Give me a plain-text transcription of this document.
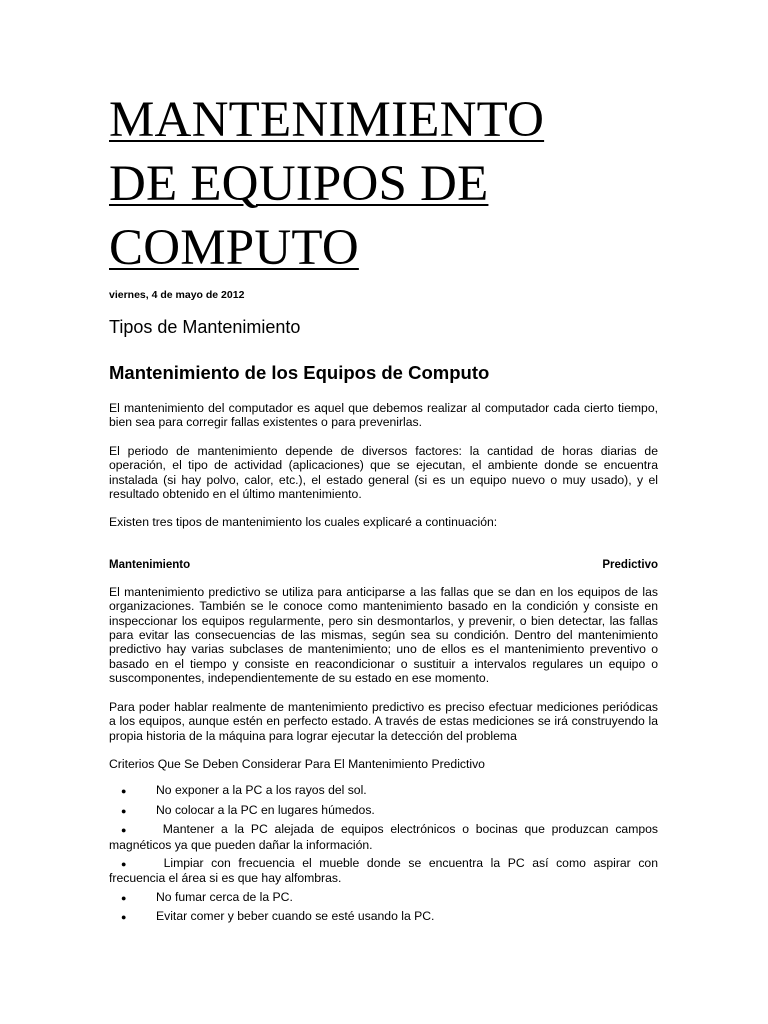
MANTENIMIENTO
DE EQUIPOS DE
COMPUTO
viernes, 4 de mayo de 2012
Tipos de Mantenimiento
Mantenimiento de los Equipos de Computo

El mantenimiento del computador es aquel que debemos realizar al computador cada cierto tiempo, bien sea para corregir fallas existentes o para prevenirlas.

El periodo de mantenimiento depende de diversos factores: la cantidad de horas diarias de operación, el tipo de actividad (aplicaciones) que se ejecutan, el ambiente donde se encuentra instalada (si hay polvo, calor, etc.), el estado general (si es un equipo nuevo o muy usado), y el resultado obtenido en el último mantenimiento.

Existen tres tipos de mantenimiento los cuales explicaré a continuación:

Mantenimiento	Predictivo

El mantenimiento predictivo se utiliza para anticiparse a las fallas que se dan en los equipos de las organizaciones. También se le conoce como mantenimiento basado en la condición y consiste en inspeccionar los equipos regularmente, pero sin desmontarlos, y prevenir, o bien detectar, las fallas para evitar las consecuencias de las mismas, según sea su condición. Dentro del mantenimiento predictivo hay varias subclases de mantenimiento; uno de ellos es el mantenimiento preventivo o basado en el tiempo y consiste en reacondicionar o sustituir a intervalos regulares un equipo o suscomponentes, independientemente de su estado en ese momento.

Para poder hablar realmente de mantenimiento predictivo es preciso efectuar mediciones periódicas a los equipos, aunque estén en perfecto estado. A través de estas mediciones se irá construyendo la propia historia de la máquina para lograr ejecutar la detección del problema

Criterios Que Se Deben Considerar Para El Mantenimiento Predictivo

● No exponer a la PC a los rayos del sol.
● No colocar a la PC en lugares húmedos.
● Mantener a la PC alejada de equipos electrónicos o bocinas que produzcan campos magnéticos ya que pueden dañar la información.
● Limpiar con frecuencia el mueble donde se encuentra la PC así como aspirar con frecuencia el área si es que hay alfombras.
● No fumar cerca de la PC.
● Evitar comer y beber cuando se esté usando la PC.
